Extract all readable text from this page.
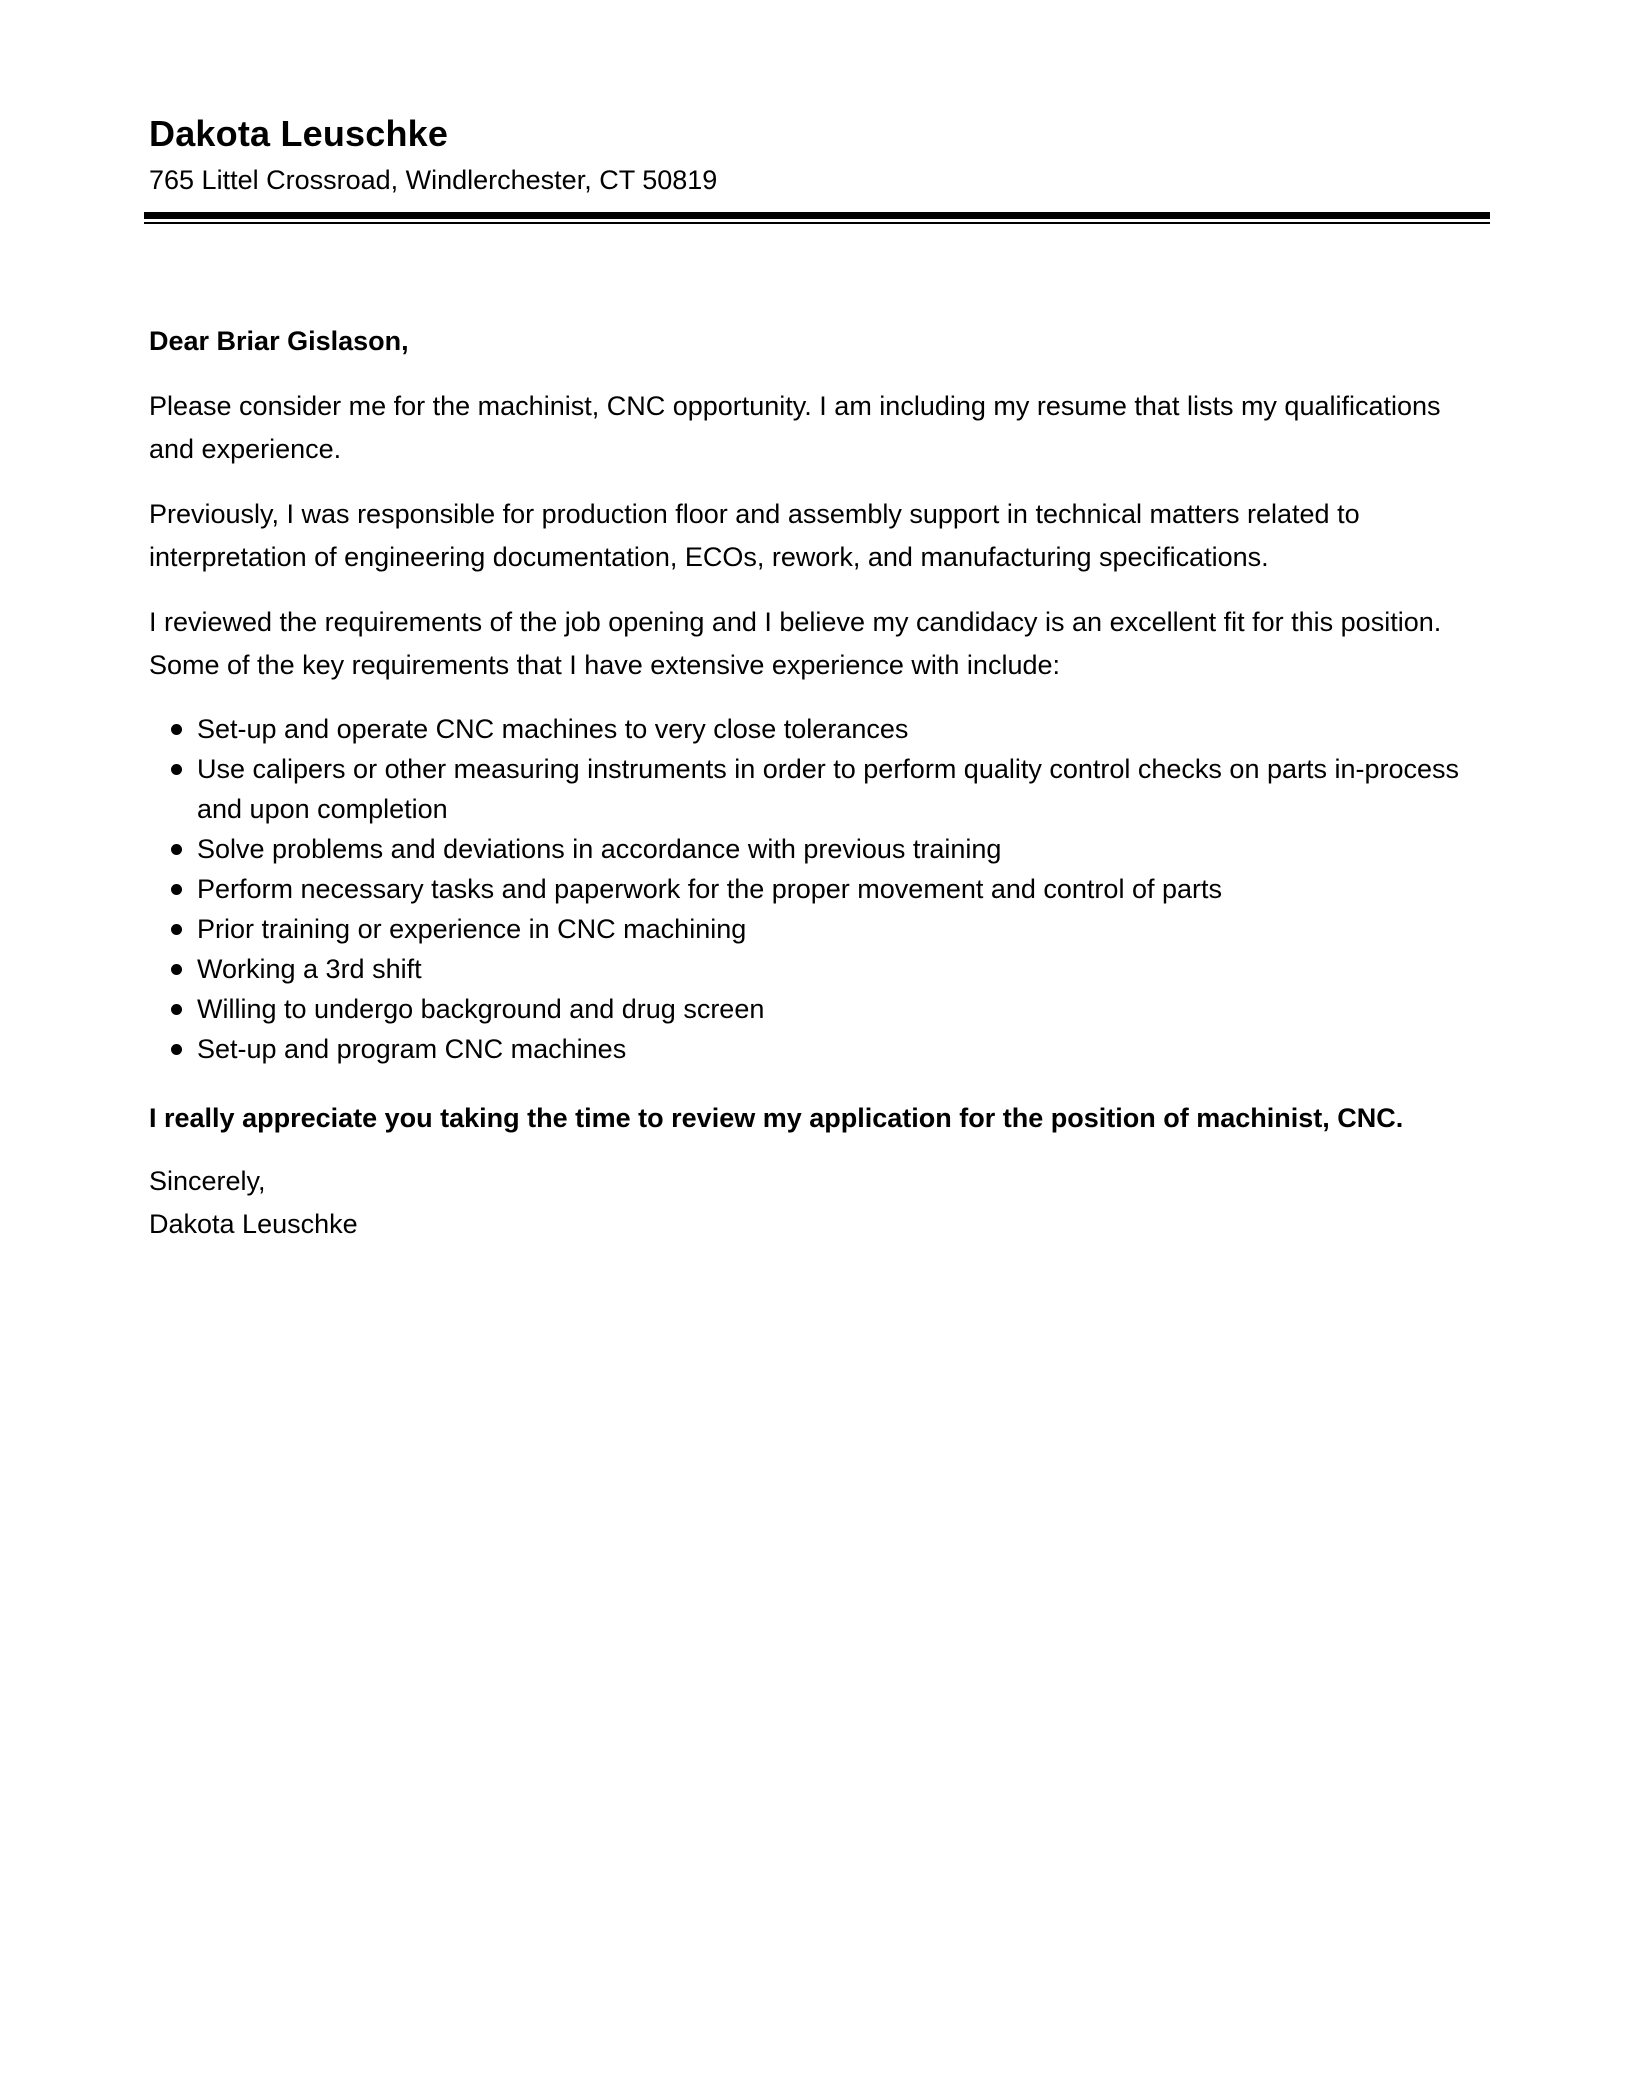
Dakota Leuschke

765 Littel Crossroad, Windlerchester, CT 50819

Dear Briar Gislason,

Please consider me for the machinist, CNC opportunity. I am including my resume that lists my qualifications and experience.

Previously, I was responsible for production floor and assembly support in technical matters related to interpretation of engineering documentation, ECOs, rework, and manufacturing specifications.

I reviewed the requirements of the job opening and I believe my candidacy is an excellent fit for this position. Some of the key requirements that I have extensive experience with include:

Set-up and operate CNC machines to very close tolerances
Use calipers or other measuring instruments in order to perform quality control checks on parts in-process and upon completion
Solve problems and deviations in accordance with previous training
Perform necessary tasks and paperwork for the proper movement and control of parts
Prior training or experience in CNC machining
Working a 3rd shift
Willing to undergo background and drug screen
Set-up and program CNC machines

I really appreciate you taking the time to review my application for the position of machinist, CNC.

Sincerely,

Dakota Leuschke
